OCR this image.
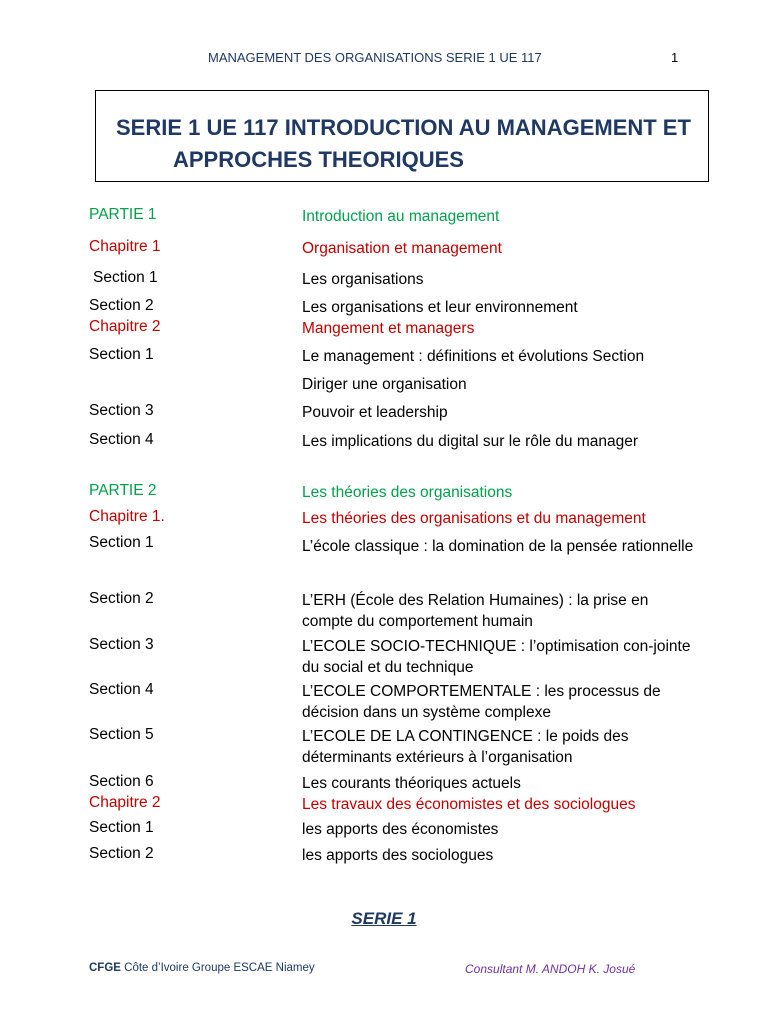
MANAGEMENT DES ORGANISATIONS SERIE 1 UE 117	1
SERIE 1 UE 117 INTRODUCTION AU MANAGEMENT ET
APPROCHES THEORIQUES
PARTIE 1	Introduction au management
Chapitre 1	Organisation et management
Section 1	Les organisations
Section 2	Les organisations et leur environnement
Chapitre 2	Mangement et managers
Section 1	Le management : définitions et évolutions Section
Diriger une organisation
Section 3	Pouvoir et leadership
Section 4	Les implications du digital sur le rôle du manager
PARTIE 2	Les théories des organisations
Chapitre 1.	Les théories des organisations et du management
Section 1	L’école classique : la domination de la pensée rationnelle
Section 2	L’ERH (École des Relation Humaines) : la prise en compte du comportement humain
Section 3	L’ECOLE SOCIO-TECHNIQUE : l’optimisation con-jointe du social et du technique
Section 4	L’ECOLE COMPORTEMENTALE : les processus de décision dans un système complexe
Section 5	L’ECOLE DE LA CONTINGENCE : le poids des déterminants extérieurs à l’organisation
Section 6	Les courants théoriques actuels
Chapitre 2	Les travaux des économistes et des sociologues
Section 1	les apports des économistes
Section 2	les apports des sociologues
SERIE 1
CFGE Côte d’Ivoire Groupe ESCAE Niamey	Consultant M. ANDOH K. Josué
